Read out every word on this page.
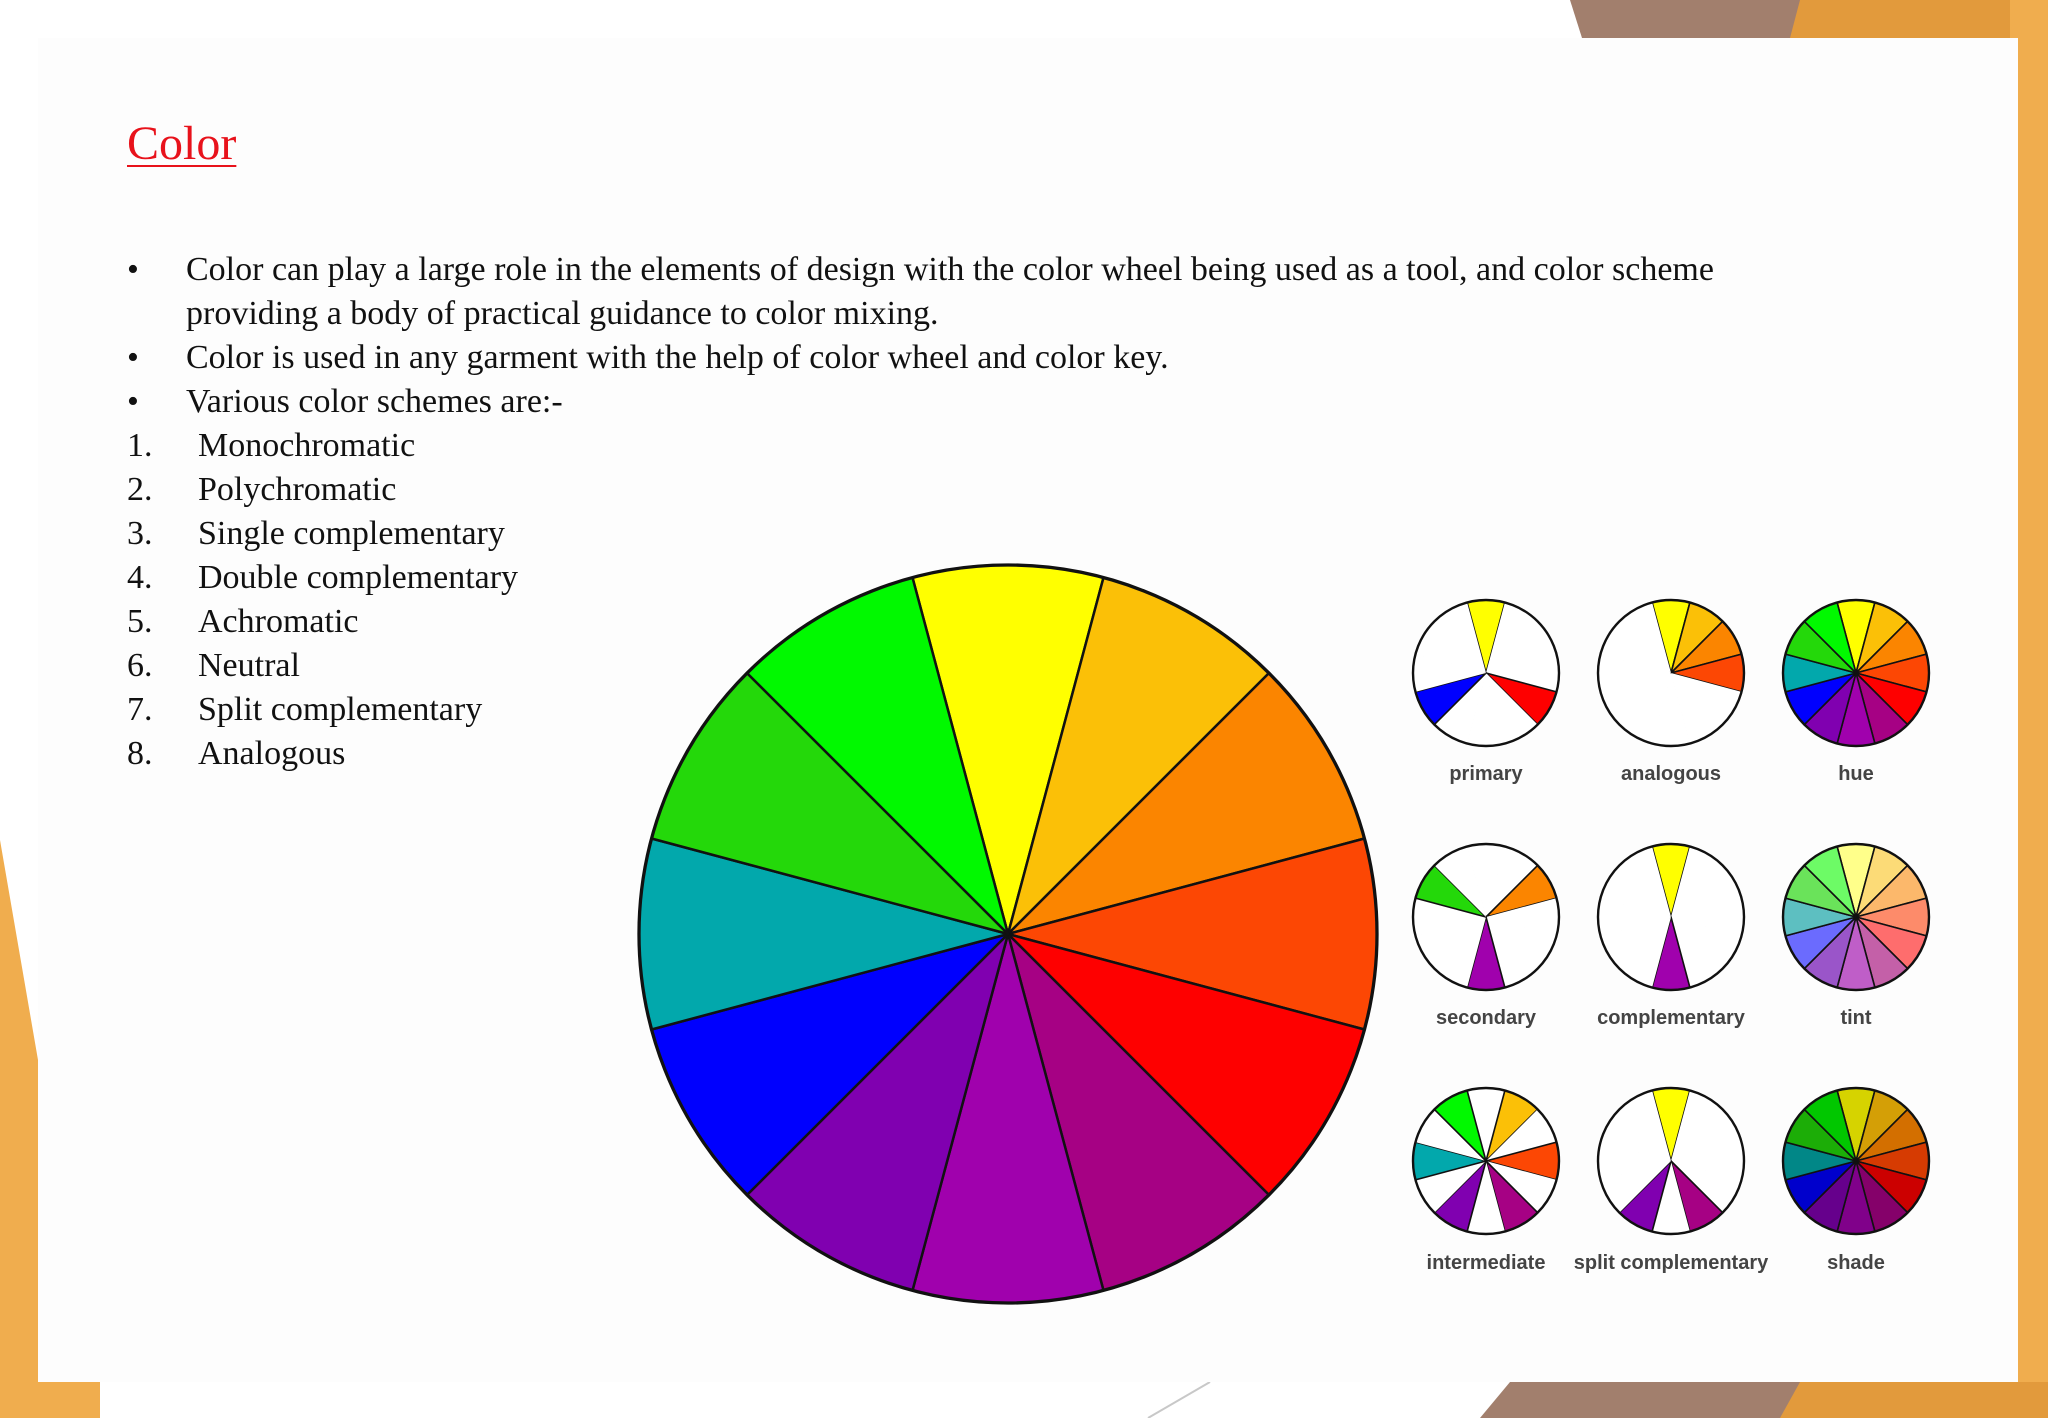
Color
•	Color can play a large role in the elements of design with the color wheel being used as a tool, and color scheme providing a body of practical guidance to color mixing.
•	Color is used in any garment with the help of color wheel and color key.
•	Various color schemes are:-
1.	Monochromatic
2.	Polychromatic
3.	Single complementary
4.	Double complementary
5.	Achromatic
6.	Neutral
7.	Split complementary
8.	Analogous
primary	analogous	hue
secondary	complementary	tint
intermediate split complementary	shade
